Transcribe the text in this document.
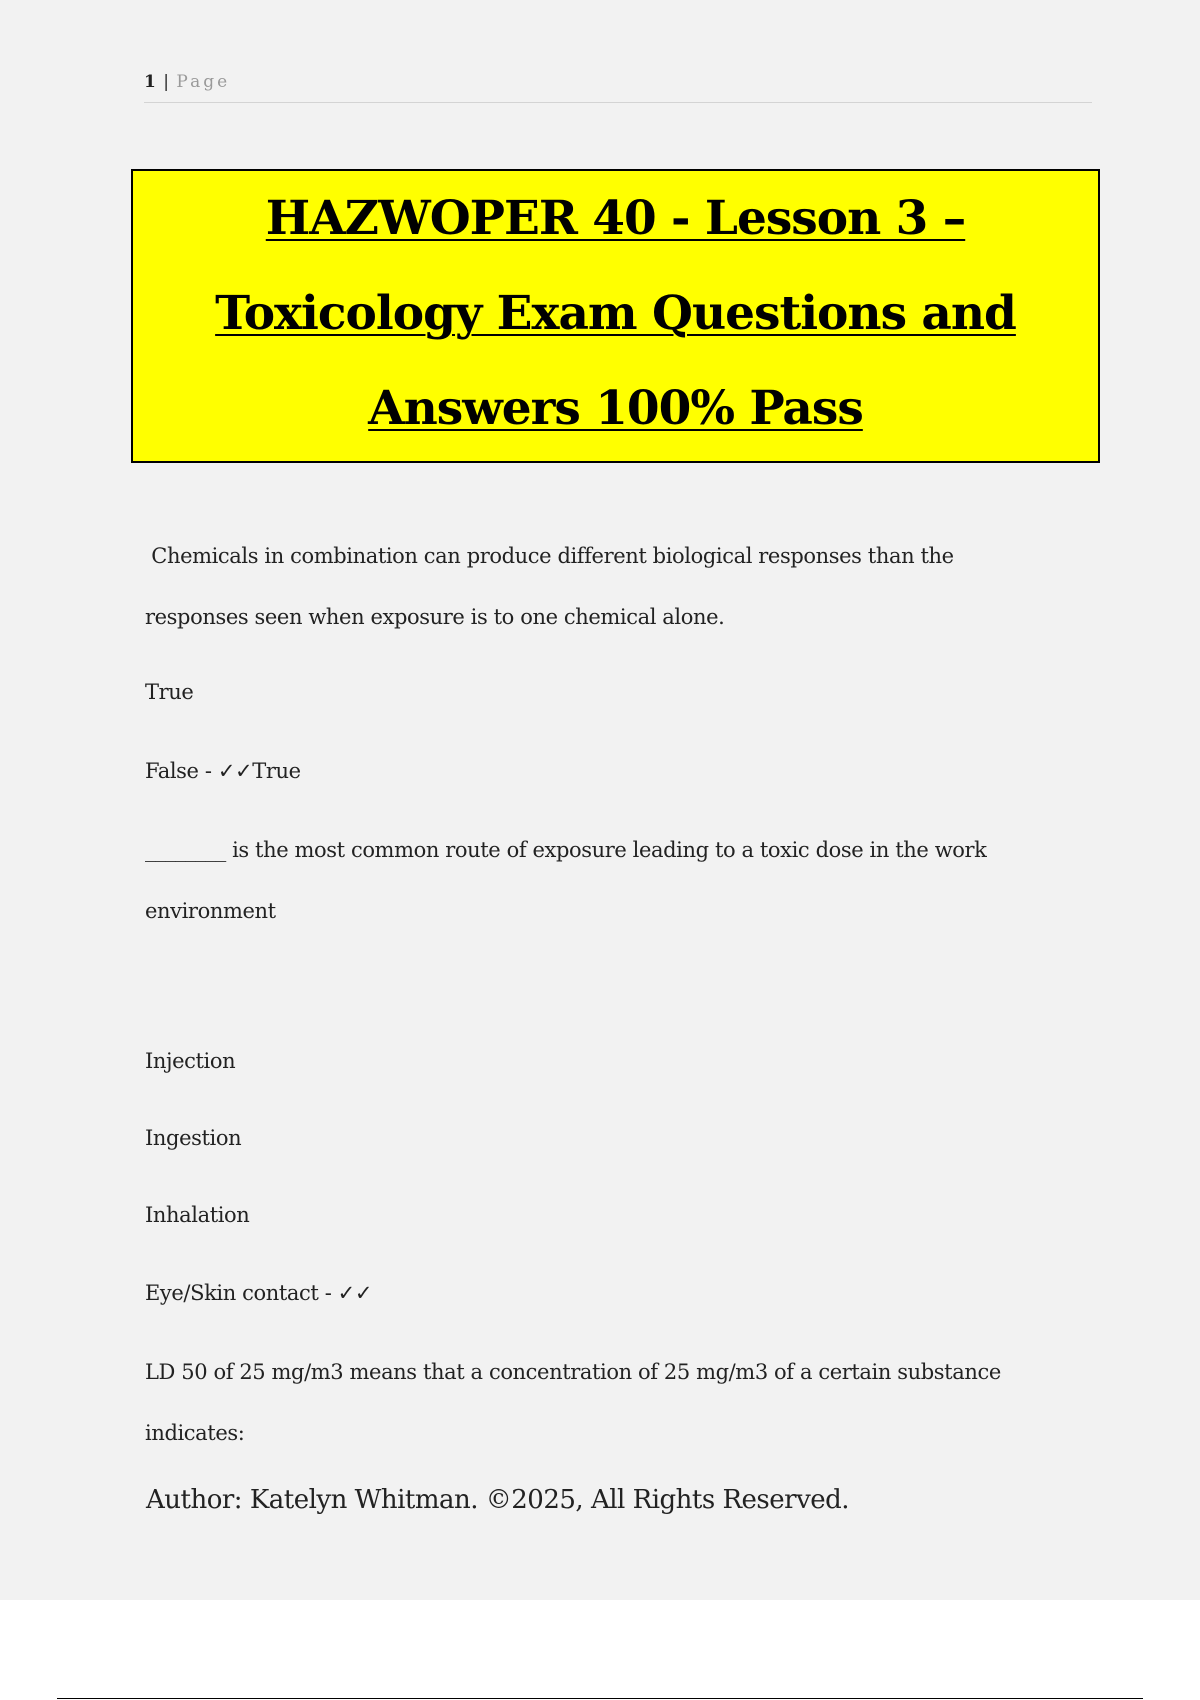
1 | Page
HAZWOPER 40 - Lesson 3 –
Toxicology Exam Questions and
Answers 100% Pass
Chemicals in combination can produce different biological responses than the
responses seen when exposure is to one chemical alone.
True
False - ✓✓True
________ is the most common route of exposure leading to a toxic dose in the work
environment
Injection
Ingestion
Inhalation
Eye/Skin contact - ✓✓
LD 50 of 25 mg/m3 means that a concentration of 25 mg/m3 of a certain substance
indicates:
Author: Katelyn Whitman. ©2025, All Rights Reserved.
